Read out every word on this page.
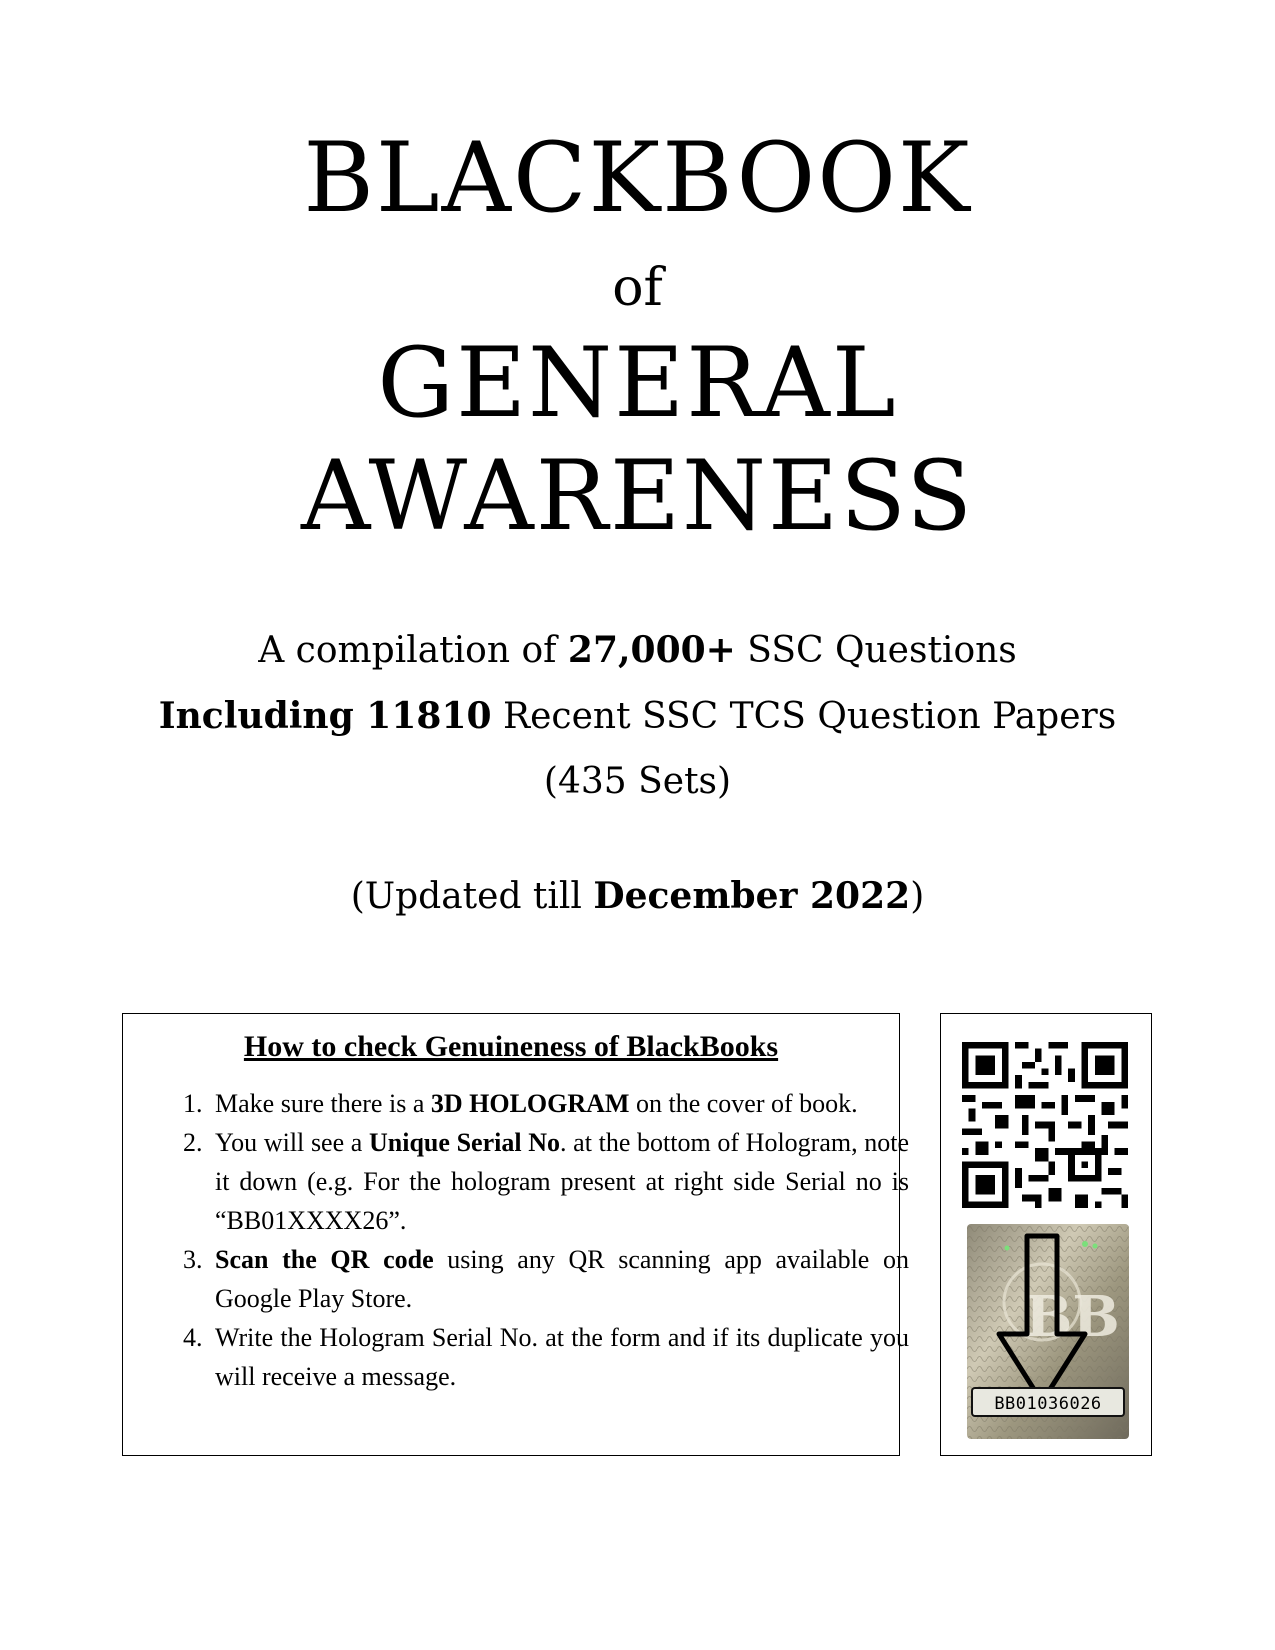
BLACKBOOK
of
GENERAL
AWARENESS
A compilation of 27,000+ SSC Questions
Including 11810 Recent SSC TCS Question Papers
(435 Sets)
(Updated till December 2022)
How to check Genuineness of BlackBooks
1. Make sure there is a 3D HOLOGRAM on the cover of book.
2. You will see a Unique Serial No. at the bottom of Hologram, note it down (e.g. For the hologram present at right side Serial no is “BB01XXXX26”.
3. Scan the QR code using any QR scanning app available on Google Play Store.
4. Write the Hologram Serial No. at the form and if its duplicate you will receive a message.
BB
BB01036026
